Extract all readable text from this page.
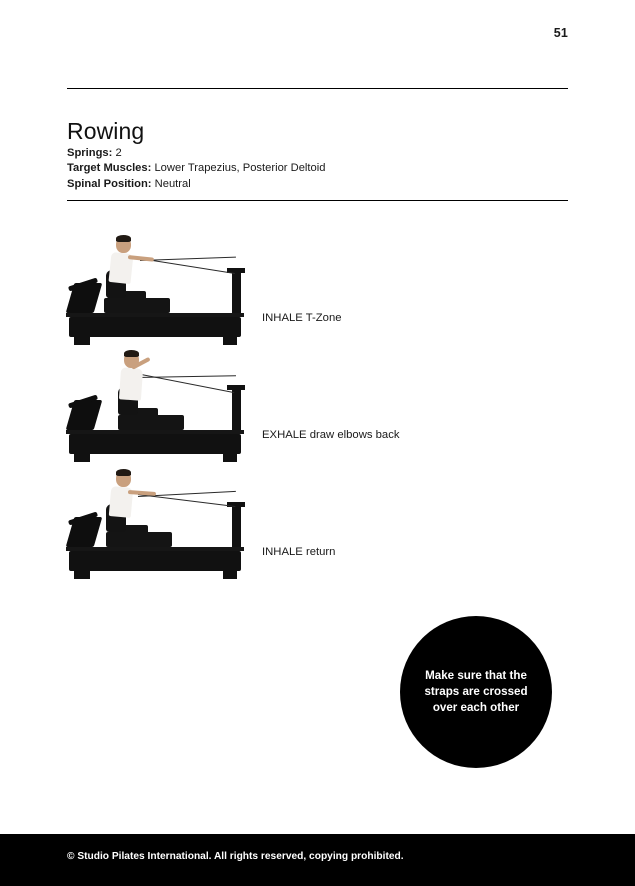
51
Rowing
Springs: 2
Target Muscles: Lower Trapezius, Posterior Deltoid
Spinal Position: Neutral
INHALE T-Zone
EXHALE draw elbows back
INHALE return
Make sure that the straps are crossed over each other
© Studio Pilates International. All rights reserved, copying prohibited.
